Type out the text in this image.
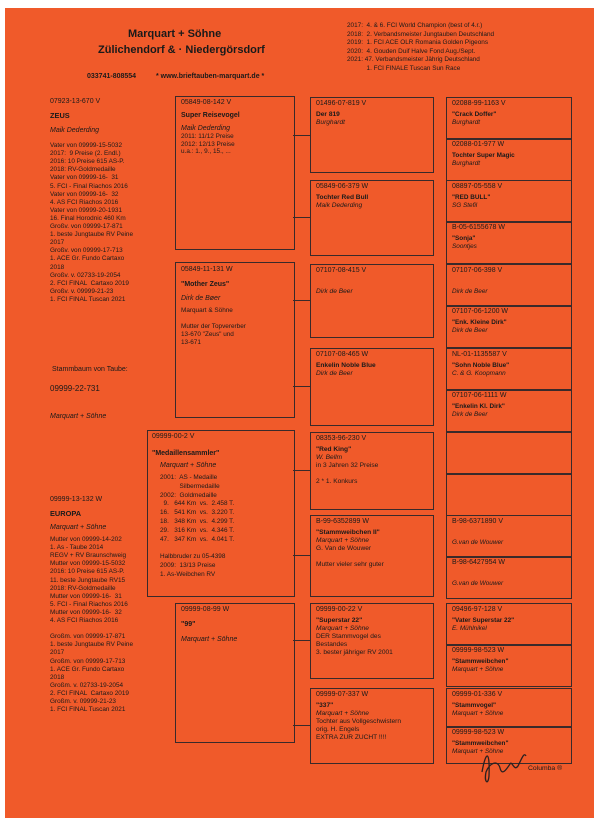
Marquart + Söhne
Zülichendorf & · Niedergörsdorf
033741-808554	* www.brieftauben-marquart.de *
2017:  4. & 6. FCI World Champion (best of 4.r.)
2018:  2. Verbandsmeister Jungtauben Deutschland
2019:  1. FCI ACE OLR Romania Golden Pigeons
2020:  4. Gouden Duif Halve Fond Aug./Sept.
2021: 47. Verbandsmeister Jährig Deutschland
1. FCI FINALE Tuscan Sun Race
07923-13-670 V
ZEUS
Maik Dederding
Vater von 09999-15-5032
2017:  9 Preise (2. Endl.)
2016: 10 Preise 615 AS-P.
2018: RV-Goldmedaille
Vater von 09999-16-  31
5. FCI - Final Riachos 2016
Vater von 09999-16-  32
4. AS FCI Riachos 2016
Vater von 09999-20-1931
16. Final Horodnic 460 Km
Großv. von 09999-17-871
1. beste Jungtaube RV Peine
2017
Großv. von 09999-17-713
1. ACE Gr. Fundo Cartaxo
2018
Großv. v. 02733-19-2054
2. FCI FINAL  Cartaxo 2019
Großv. v. 09999-21-23
1. FCI FINAL Tuscan 2021
Stammbaum von Taube:
09999-22-731
Marquart + Söhne
09999-13-132 W
EUROPA
Marquart + Söhne
Mutter von 09999-14-202
1. As - Taube 2014
REGV + RV Braunschweig
Mutter von 09999-15-5032
2016: 10 Preise 615 AS-P.
11. beste Jungtaube RV15
2018: RV-Goldmedaille
Mutter von 09999-16-  31
5. FCI - Final Riachos 2016
Mutter von 09999-16-  32
4. AS FCI Riachos 2016
Großm. von 09999-17-871
1. beste Jungtaube RV Peine
2017
Großm. von 09999-17-713
1. ACE Gr. Fundo Cartaxo
2018
Großm. v. 02733-19-2054
2. FCI FINAL  Cartaxo 2019
Großm. v. 09999-21-23
1. FCI FINAL Tuscan 2021
05849-08-142 V
Super Reisevogel
Maik Dederding
2011: 11/12 Preise
2012: 12/13 Preise
u.a.: 1., 9., 15., ...
05849-11-131 W
"Mother Zeus"
Dirk de Bøer
Marquart & Söhne
Mutter der Topvererber
13-670 "Zeus" und
13-671
09999-00-2 V
"Medaillensammler"
Marquart + Söhne
2001:  AS - Medaille
Silbermedaille
2002:  Goldmedaille
9.   644 Km  vs.  2.458 T.
16.   541 Km  vs.  3.220 T.
18.   348 Km  vs.  4.299 T.
29.   316 Km  vs.  4.346 T.
47.   347 Km  vs.  4.041 T.
Halbbruder zu 05-4398
2009:  13/13 Preise
1. As-Weibchen RV
09999-08-99 W
"99"
Marquart + Söhne
01496-07-819 V
Der 819
Burghardt
05849-06-379 W
Tochter Red Bull
Maik Dederding
07107-08-415 V
Dirk de Beer
07107-08-465 W
Enkelin Noble Blue
Dirk de Beer
08353-96-230 V
"Red King"
W. Bellm
in 3 Jahren 32 Preise
2 * 1. Konkurs
B-99-6352899 W
"Stammweibchen II"
Marquart + Söhne
G. Van de Wouwer
Mutter vieler sehr guter
09999-00-22 V
"Superstar 22"
Marquart + Söhne
DER Stammvogel des
Bestandes
3. bester jähriger RV 2001
09999-07-337 W
"337"
Marquart + Söhne
Tochter aus Vollgeschwistern
orig. H. Engels
EXTRA ZUR ZUCHT !!!!
02088-99-1163 V
"Crack Doffer"
Burghardt
02088-01-977 W
Tochter Super Magic
Burghardt
08897-05-558 V
"RED BULL"
SG Stefil
B-05-6155678 W
"Sonja"
Soontjes
07107-06-398 V
Dirk de Beer
07107-06-1200 W
"Enk. Kleine Dirk"
Dirk de Beer
NL-01-1135587 V
"Sohn Noble Blue"
C. & G. Koopmann
07107-06-1111 W
"Enkelin Kl. Dirk"
Dirk de Beer
B-98-6371890 V
G.van de Wouwer
B-98-6427954 W
G.van de Wouwer
09496-97-128 V
"Vater Superstar 22"
E. Mühlnikel
09999-98-523 W
"Stammweibchen"
Marquart + Söhne
09999-01-336 V
"Stammvogel"
Marquart + Söhne
09999-98-523 W
"Stammweibchen"
Marquart + Söhne
Columba ®
